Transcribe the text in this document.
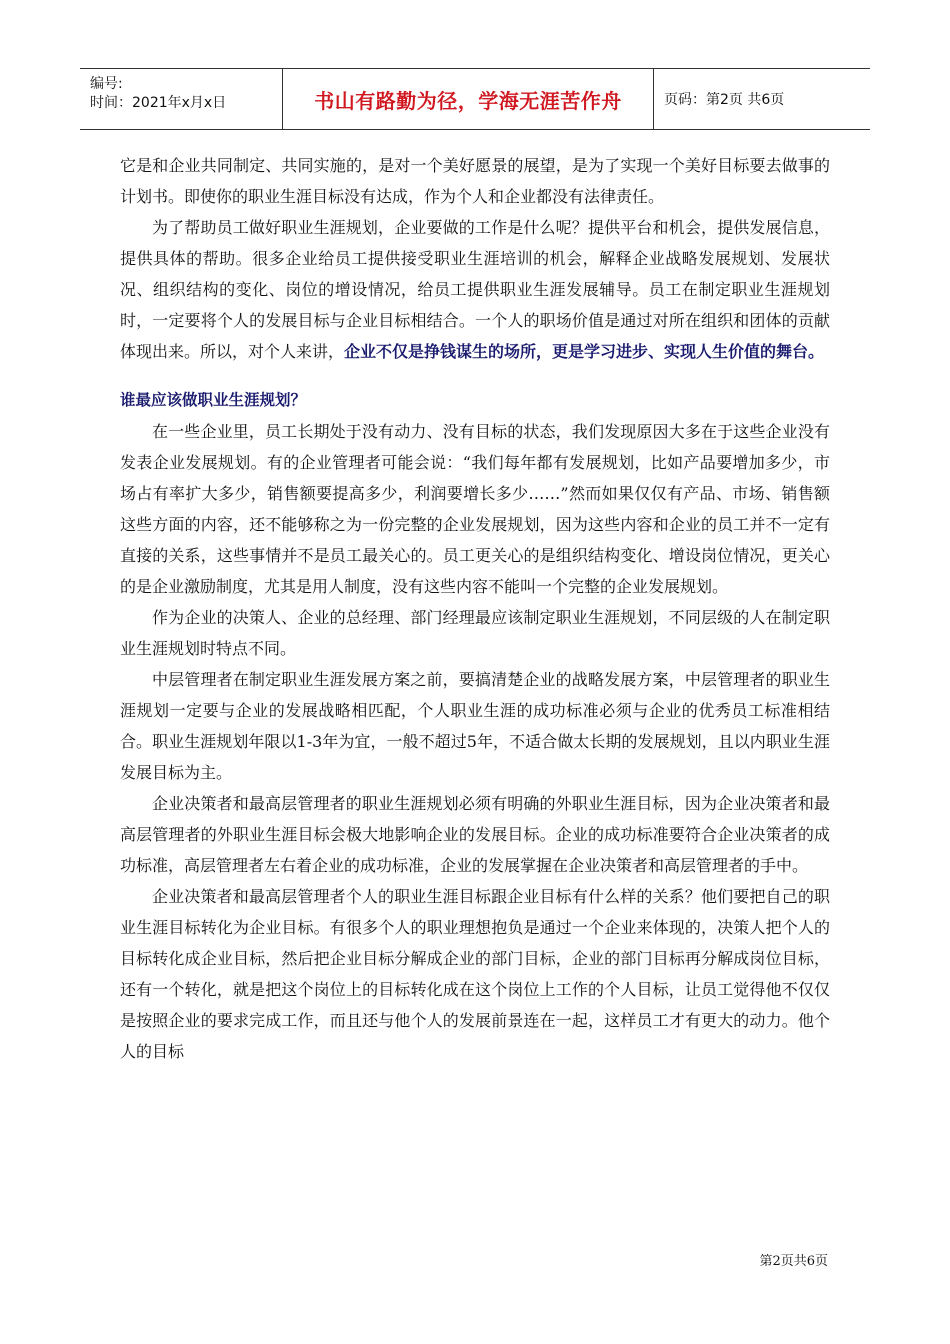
编号:
时间：2021年x月x日	书山有路勤为径，学海无涯苦作舟	页码：第2页 共6页

它是和企业共同制定、共同实施的，是对一个美好愿景的展望，是为了实现一个美好目标要去做事的计划书。即使你的职业生涯目标没有达成，作为个人和企业都没有法律责任。

为了帮助员工做好职业生涯规划，企业要做的工作是什么呢？提供平台和机会，提供发展信息，提供具体的帮助。很多企业给员工提供接受职业生涯培训的机会，解释企业战略发展规划、发展状况、组织结构的变化、岗位的增设情况，给员工提供职业生涯发展辅导。员工在制定职业生涯规划时，一定要将个人的发展目标与企业目标相结合。一个人的职场价值是通过对所在组织和团体的贡献体现出来。所以，对个人来讲，企业不仅是挣钱谋生的场所，更是学习进步、实现人生价值的舞台。

谁最应该做职业生涯规划？

在一些企业里，员工长期处于没有动力、没有目标的状态，我们发现原因大多在于这些企业没有发表企业发展规划。有的企业管理者可能会说：“我们每年都有发展规划，比如产品要增加多少，市场占有率扩大多少，销售额要提高多少，利润要增长多少……”然而如果仅仅有产品、市场、销售额这些方面的内容，还不能够称之为一份完整的企业发展规划，因为这些内容和企业的员工并不一定有直接的关系，这些事情并不是员工最关心的。员工更关心的是组织结构变化、增设岗位情况，更关心的是企业激励制度，尤其是用人制度，没有这些内容不能叫一个完整的企业发展规划。

作为企业的决策人、企业的总经理、部门经理最应该制定职业生涯规划，不同层级的人在制定职业生涯规划时特点不同。

中层管理者在制定职业生涯发展方案之前，要搞清楚企业的战略发展方案，中层管理者的职业生涯规划一定要与企业的发展战略相匹配，个人职业生涯的成功标准必须与企业的优秀员工标准相结合。职业生涯规划年限以1-3年为宜，一般不超过5年，不适合做太长期的发展规划，且以内职业生涯发展目标为主。

企业决策者和最高层管理者的职业生涯规划必须有明确的外职业生涯目标，因为企业决策者和最高层管理者的外职业生涯目标会极大地影响企业的发展目标。企业的成功标准要符合企业决策者的成功标准，高层管理者左右着企业的成功标准，企业的发展掌握在企业决策者和高层管理者的手中。

企业决策者和最高层管理者个人的职业生涯目标跟企业目标有什么样的关系？他们要把自己的职业生涯目标转化为企业目标。有很多个人的职业理想抱负是通过一个企业来体现的，决策人把个人的目标转化成企业目标，然后把企业目标分解成企业的部门目标，企业的部门目标再分解成岗位目标，还有一个转化，就是把这个岗位上的目标转化成在这个岗位上工作的个人目标，让员工觉得他不仅仅是按照企业的要求完成工作，而且还与他个人的发展前景连在一起，这样员工才有更大的动力。他个人的目标

第2页共6页
